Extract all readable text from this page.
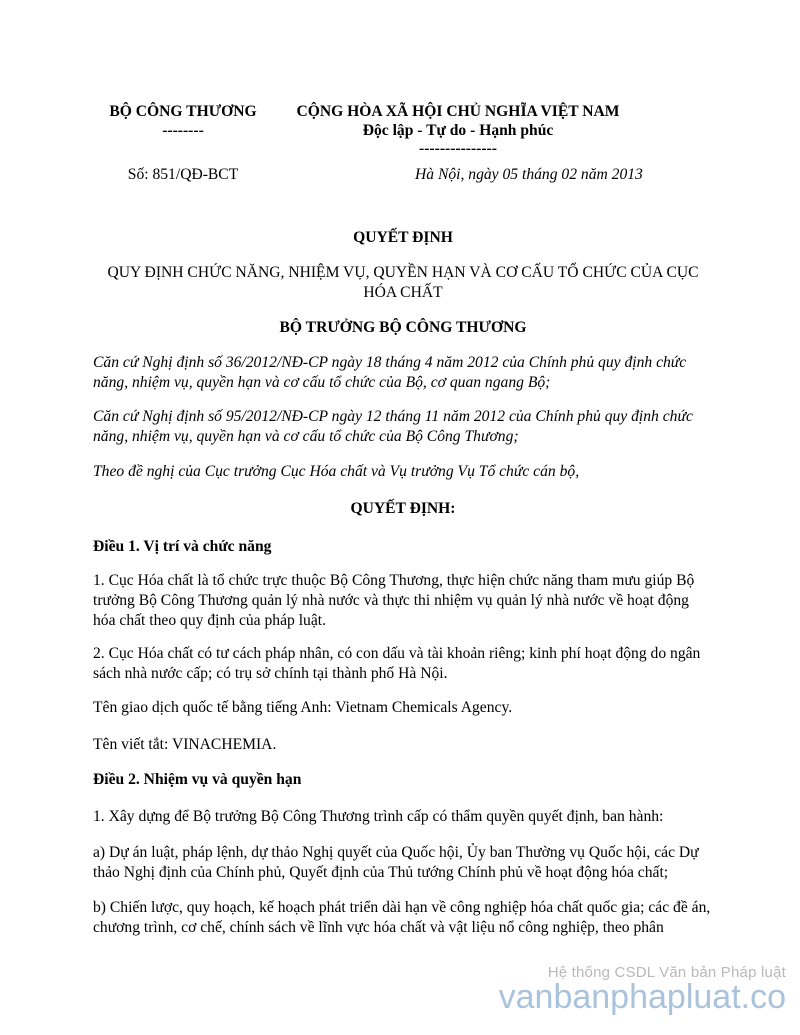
BỘ CÔNG THƯƠNG
--------
Số: 851/QĐ-BCT
CỘNG HÒA XÃ HỘI CHỦ NGHĨA VIỆT NAM
Độc lập - Tự do - Hạnh phúc
---------------
Hà Nội, ngày 05 tháng 02 năm 2013
QUYẾT ĐỊNH
QUY ĐỊNH CHỨC NĂNG, NHIỆM VỤ, QUYỀN HẠN VÀ CƠ CẤU TỔ CHỨC CỦA CỤC HÓA CHẤT
BỘ TRƯỞNG BỘ CÔNG THƯƠNG
Căn cứ Nghị định số 36/2012/NĐ-CP ngày 18 tháng 4 năm 2012 của Chính phủ quy định chức năng, nhiệm vụ, quyền hạn và cơ cấu tổ chức của Bộ, cơ quan ngang Bộ;
Căn cứ Nghị định số 95/2012/NĐ-CP ngày 12 tháng 11 năm 2012 của Chính phủ quy định chức năng, nhiệm vụ, quyền hạn và cơ cấu tổ chức của Bộ Công Thương;
Theo đề nghị của Cục trưởng Cục Hóa chất và Vụ trưởng Vụ Tổ chức cán bộ,
QUYẾT ĐỊNH:
Điều 1. Vị trí và chức năng
1. Cục Hóa chất là tổ chức trực thuộc Bộ Công Thương, thực hiện chức năng tham mưu giúp Bộ trưởng Bộ Công Thương quản lý nhà nước và thực thi nhiệm vụ quản lý nhà nước về hoạt động hóa chất theo quy định của pháp luật.
2. Cục Hóa chất có tư cách pháp nhân, có con dấu và tài khoản riêng; kinh phí hoạt động do ngân sách nhà nước cấp; có trụ sở chính tại thành phố Hà Nội.
Tên giao dịch quốc tế bằng tiếng Anh: Vietnam Chemicals Agency.
Tên viết tắt: VINACHEMIA.
Điều 2. Nhiệm vụ và quyền hạn
1. Xây dựng để Bộ trưởng Bộ Công Thương trình cấp có thẩm quyền quyết định, ban hành:
a) Dự án luật, pháp lệnh, dự thảo Nghị quyết của Quốc hội, Ủy ban Thường vụ Quốc hội, các Dự thảo Nghị định của Chính phủ, Quyết định của Thủ tướng Chính phủ về hoạt động hóa chất;
b) Chiến lược, quy hoạch, kế hoạch phát triển dài hạn về công nghiệp hóa chất quốc gia; các đề án, chương trình, cơ chế, chính sách về lĩnh vực hóa chất và vật liệu nổ công nghiệp, theo phân
Hệ thống CSDL Văn bản Pháp luật
vanbanphapluat.co
